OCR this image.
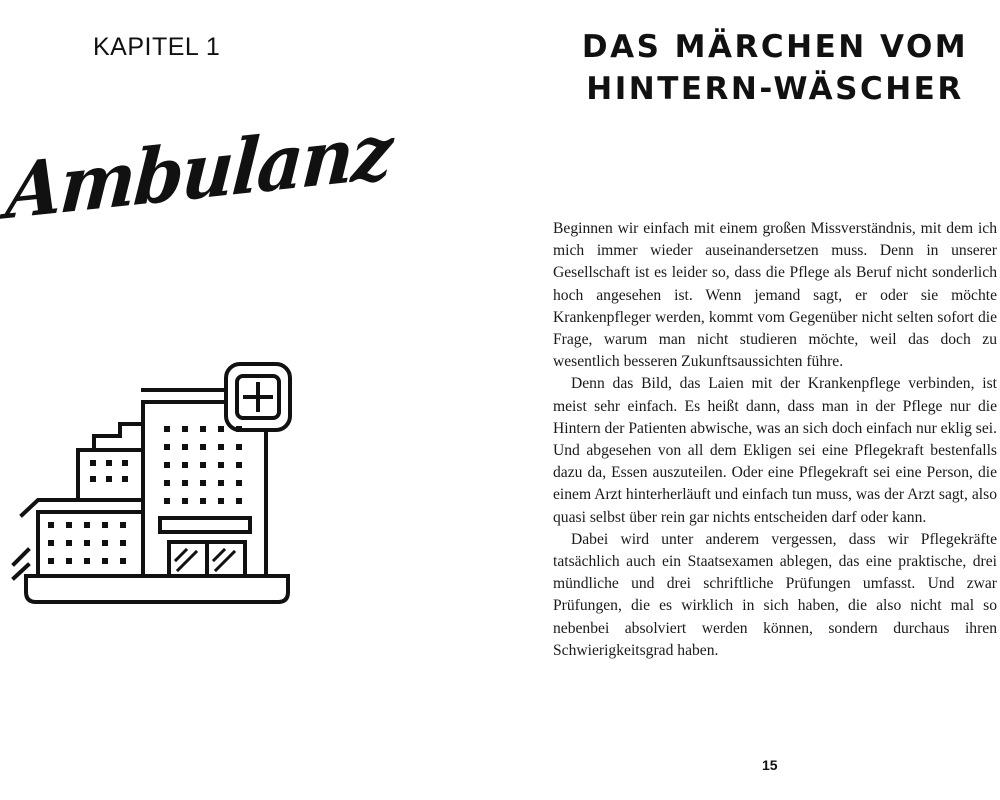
KAPITEL 1
Ambulanz
DAS MÄRCHEN VOM
HINTERN-WÄSCHER

Beginnen wir einfach mit einem großen Missverständnis, mit dem ich mich immer wieder auseinandersetzen muss. Denn in unserer Gesellschaft ist es leider so, dass die Pflege als Beruf nicht sonderlich hoch angesehen ist. Wenn jemand sagt, er oder sie möchte Krankenpfleger werden, kommt vom Gegenüber nicht selten sofort die Frage, warum man nicht studieren möchte, weil das doch zu wesentlich besseren Zukunftsaussichten führe.

Denn das Bild, das Laien mit der Krankenpflege verbinden, ist meist sehr einfach. Es heißt dann, dass man in der Pflege nur die Hintern der Patienten abwische, was an sich doch einfach nur eklig sei. Und abgesehen von all dem Ekligen sei eine Pflegekraft bestenfalls dazu da, Essen auszuteilen. Oder eine Pflegekraft sei eine Person, die einem Arzt hinterherläuft und einfach tun muss, was der Arzt sagt, also quasi selbst über rein gar nichts entscheiden darf oder kann.

Dabei wird unter anderem vergessen, dass wir Pflegekräfte tatsächlich auch ein Staatsexamen ablegen, das eine praktische, drei mündliche und drei schriftliche Prüfungen umfasst. Und zwar Prüfungen, die es wirklich in sich haben, die also nicht mal so nebenbei absolviert werden können, sondern durchaus ihren Schwierigkeitsgrad haben.

15
